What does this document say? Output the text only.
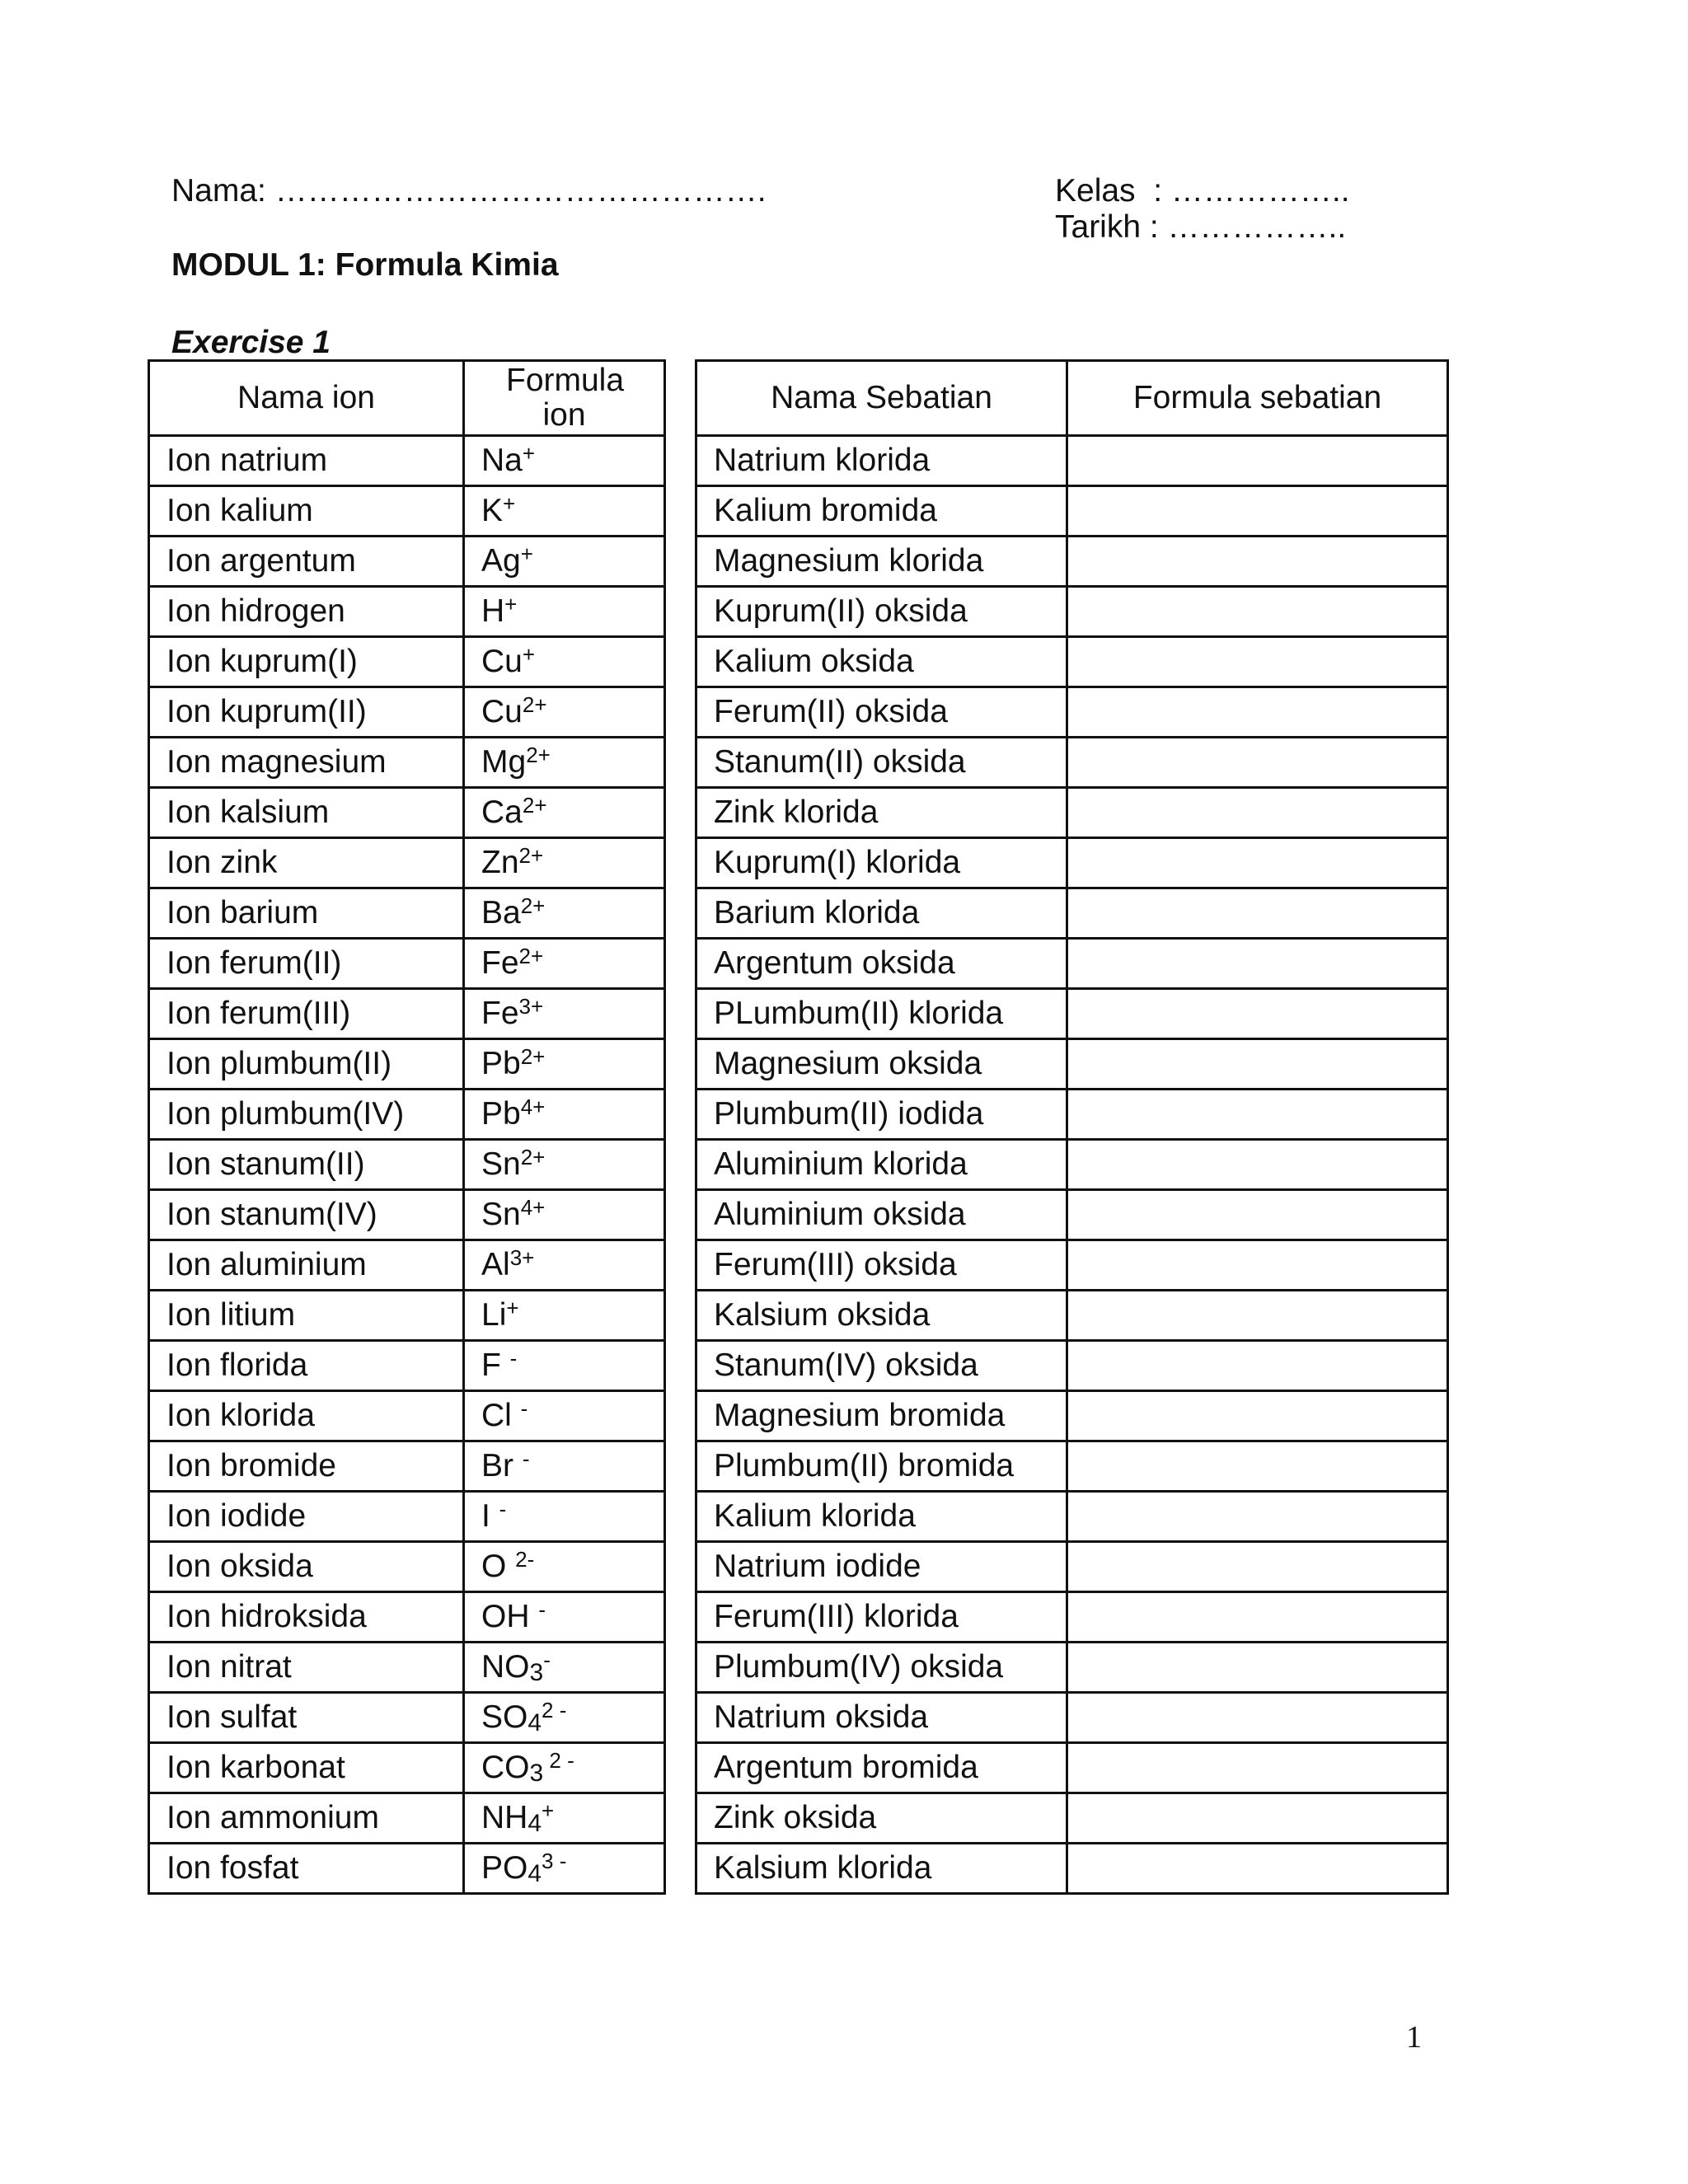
Nama: ……………………………………….	Kelas  : ……………..
Tarikh : ……………..
MODUL 1: Formula Kimia
Exercise 1
Nama ion	Formula ion
Ion natrium	Na+
Ion kalium	K+
Ion argentum	Ag+
Ion hidrogen	H+
Ion kuprum(I)	Cu+
Ion kuprum(II)	$Cu^{2+}$
Ion magnesium	$Mg^{2+}$
Ion kalsium	$Ca^{2+}$
Ion zink	$Zn^{2+}$
Ion barium	$Ba^{2+}$
Ion ferum(II)	$Fe^{2+}$
Ion ferum(III)	$Fe^{3+}$
Ion plumbum(II)	$Pb^{2+}$
Ion plumbum(IV)	$Pb^{4+}$
Ion stanum(II)	$Sn^{2+}$
Ion stanum(IV)	$Sn^{4+}$
Ion aluminium	$Al^{3+}$
Ion litium	Li+
Ion florida	F -
Ion klorida	Cl -
Ion bromide	Br -
Ion iodide	I -
Ion oksida	O $^{2-}$
Ion hidroksida	OH -
Ion nitrat	$NO_3^-$
Ion sulfat	$SO_4^{2 -}$
Ion karbonat	$CO_3$ $^{2 -}$
Ion ammonium	$NH_4^+$
Ion fosfat	$PO_4^{3 -}$
Nama Sebatian	Formula sebatian
Natrium klorida	
Kalium bromida	
Magnesium klorida	
Kuprum(II) oksida	
Kalium oksida	
Ferum(II) oksida	
Stanum(II) oksida	
Zink klorida	
Kuprum(I) klorida	
Barium klorida	
Argentum oksida	
PLumbum(II) klorida	
Magnesium oksida	
Plumbum(II) iodida	
Aluminium klorida	
Aluminium oksida	
Ferum(III) oksida	
Kalsium oksida	
Stanum(IV) oksida	
Magnesium bromida	
Plumbum(II) bromida	
Kalium klorida	
Natrium iodide	
Ferum(III) klorida	
Plumbum(IV) oksida	
Natrium oksida	
Argentum bromida	
Zink oksida	
Kalsium klorida	
1
